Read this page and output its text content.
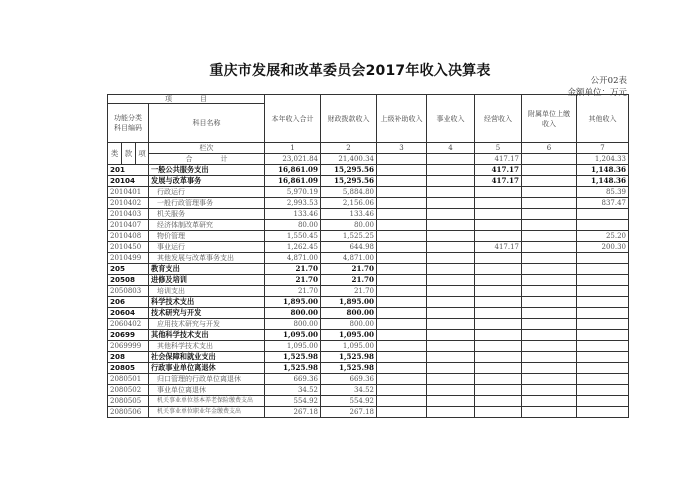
重庆市发展和改革委员会2017年收入决算表
公开02表
金额单位：万元
项　　　　目				本年收入合计	财政拨款收入	上级补助收入	事业收入	经营收入	附属单位上缴收入	其他收入
功能分类科目编码			科目名称							
类	款	项	栏次	1	2	3	4	5	6	7
			合　　　　计	23,021.84	21,400.34			417.17		1,204.33
201			一般公共服务支出	16,861.09	15,295.56			417.17		1,148.36
20104			发展与改革事务	16,861.09	15,295.56			417.17		1,148.36
2010401			行政运行	5,970.19	5,884.80					85.39
2010402			一般行政管理事务	2,993.53	2,156.06					837.47
2010403			机关服务	133.46	133.46					
2010407			经济体制改革研究	80.00	80.00					
2010408			物价管理	1,550.45	1,525.25					25.20
2010450			事业运行	1,262.45	644.98			417.17		200.30
2010499			其他发展与改革事务支出	4,871.00	4,871.00					
205			教育支出	21.70	21.70					
20508			进修及培训	21.70	21.70					
2050803			培训支出	21.70	21.70					
206			科学技术支出	1,895.00	1,895.00					
20604			技术研究与开发	800.00	800.00					
2060402			应用技术研究与开发	800.00	800.00					
20699			其他科学技术支出	1,095.00	1,095.00					
2069999			其他科学技术支出	1,095.00	1,095.00					
208			社会保障和就业支出	1,525.98	1,525.98					
20805			行政事业单位离退休	1,525.98	1,525.98					
2080501			归口管理的行政单位离退休	669.36	669.36					
2080502			事业单位离退休	34.52	34.52					
2080505			机关事业单位基本养老保险缴费支出	554.92	554.92					
2080506			机关事业单位职业年金缴费支出	267.18	267.18					
